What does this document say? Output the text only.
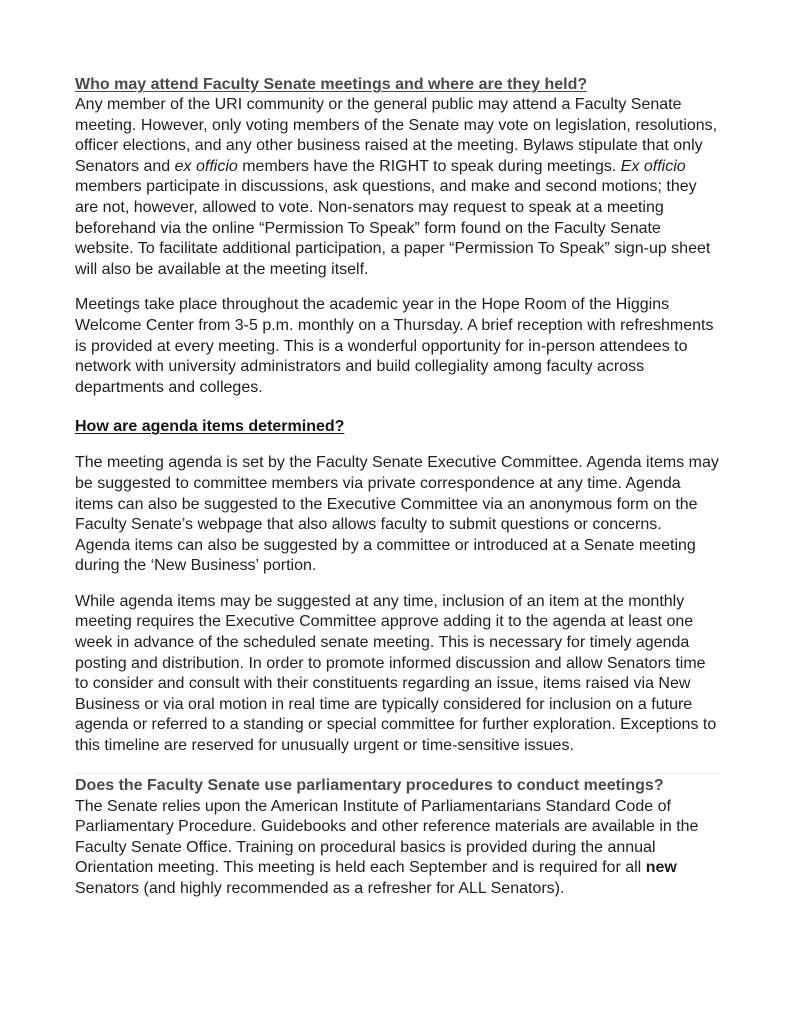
Who may attend Faculty Senate meetings and where are they held?

Any member of the URI community or the general public may attend a Faculty Senate meeting. However, only voting members of the Senate may vote on legislation, resolutions, officer elections, and any other business raised at the meeting. Bylaws stipulate that only Senators and ex officio members have the RIGHT to speak during meetings. Ex officio members participate in discussions, ask questions, and make and second motions; they are not, however, allowed to vote. Non-senators may request to speak at a meeting beforehand via the online “Permission To Speak” form found on the Faculty Senate website. To facilitate additional participation, a paper “Permission To Speak” sign-up sheet will also be available at the meeting itself.

Meetings take place throughout the academic year in the Hope Room of the Higgins Welcome Center from 3-5 p.m. monthly on a Thursday. A brief reception with refreshments is provided at every meeting. This is a wonderful opportunity for in-person attendees to network with university administrators and build collegiality among faculty across departments and colleges.

How are agenda items determined?

The meeting agenda is set by the Faculty Senate Executive Committee. Agenda items may be suggested to committee members via private correspondence at any time. Agenda items can also be suggested to the Executive Committee via an anonymous form on the Faculty Senate’s webpage that also allows faculty to submit questions or concerns. Agenda items can also be suggested by a committee or introduced at a Senate meeting during the ‘New Business’ portion.

While agenda items may be suggested at any time, inclusion of an item at the monthly meeting requires the Executive Committee approve adding it to the agenda at least one week in advance of the scheduled senate meeting. This is necessary for timely agenda posting and distribution. In order to promote informed discussion and allow Senators time to consider and consult with their constituents regarding an issue, items raised via New Business or via oral motion in real time are typically considered for inclusion on a future agenda or referred to a standing or special committee for further exploration. Exceptions to this timeline are reserved for unusually urgent or time-sensitive issues.

Does the Faculty Senate use parliamentary procedures to conduct meetings?

The Senate relies upon the American Institute of Parliamentarians Standard Code of Parliamentary Procedure. Guidebooks and other reference materials are available in the Faculty Senate Office. Training on procedural basics is provided during the annual Orientation meeting. This meeting is held each September and is required for all new Senators (and highly recommended as a refresher for ALL Senators).
